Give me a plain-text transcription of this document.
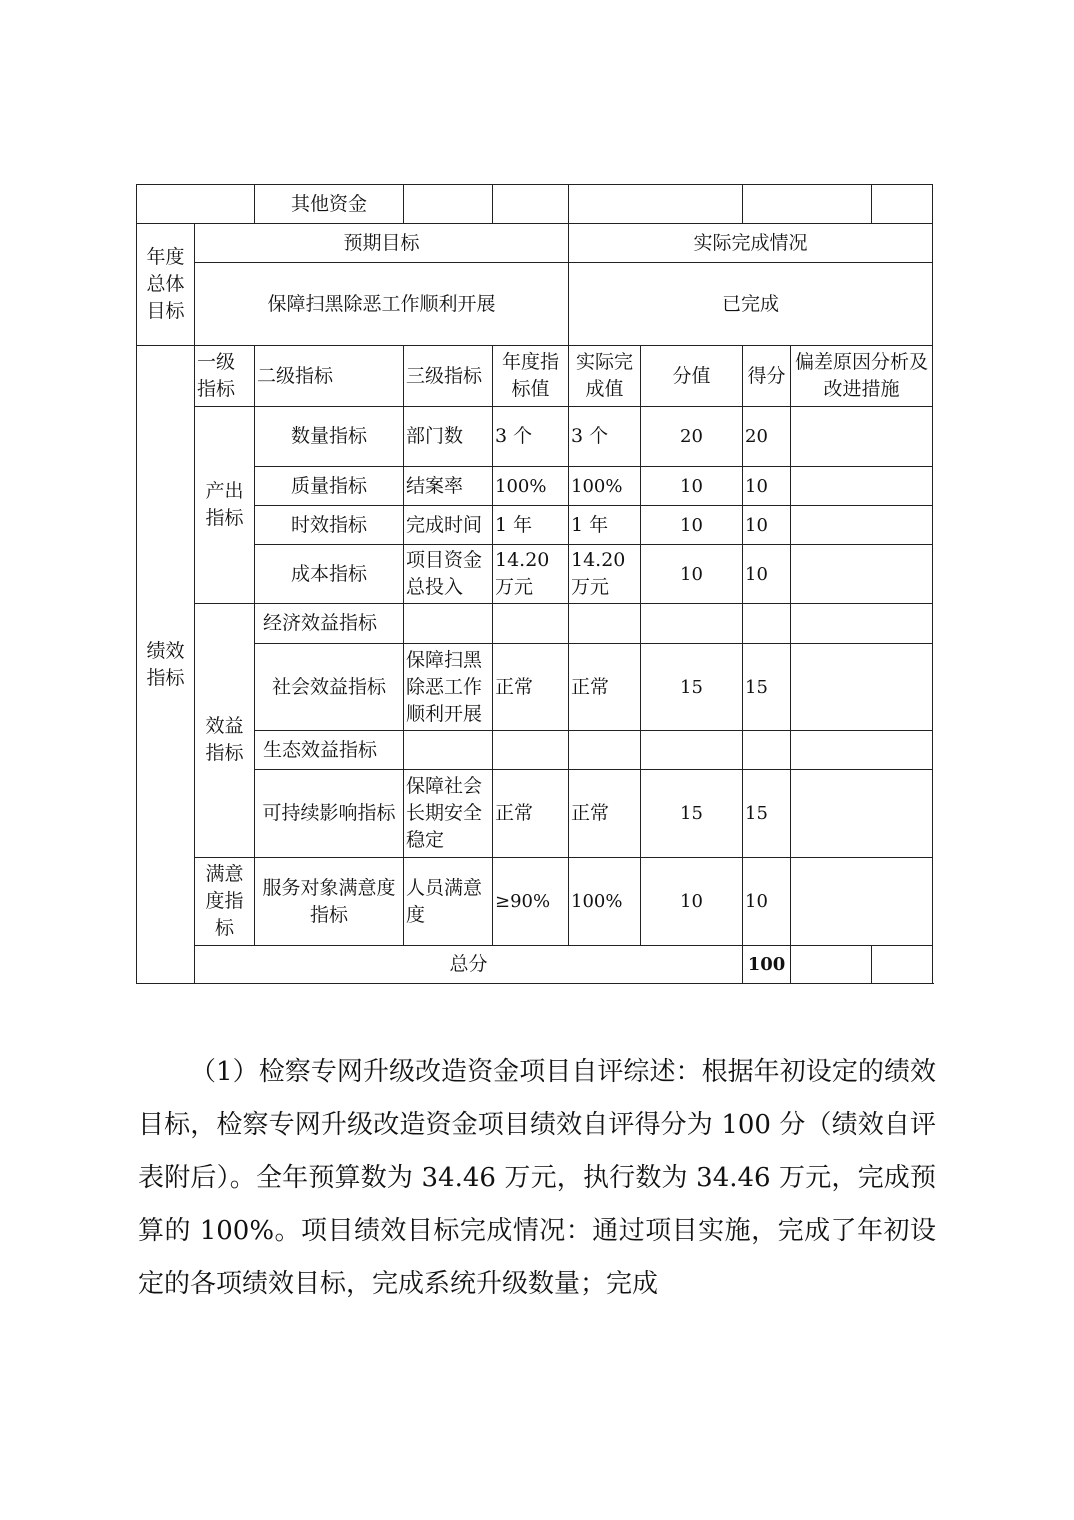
		其他资金							
年度总体目标	预期目标				实际完成情况				
	保障扫黑除恶工作顺利开展				已完成				
绩效指标	一级指标	二级指标	三级指标	年度指标值	实际完成值	分值	得分	偏差原因分析及改进措施	
	产出指标	数量指标	部门数	3 个	3 个	20	20		
		质量指标	结案率	100%	100%	10	10		
		时效指标	完成时间	1 年	1 年	10	10		
		成本指标	项目资金总投入	14.20万元	14.20万元	10	10		
	效益指标	经济效益指标							
		社会效益指标	保障扫黑除恶工作顺利开展	正常	正常	15	15		
		生态效益指标							
		可持续影响指标	保障社会长期安全稳定	正常	正常	15	15		
	满意度指标	服务对象满意度指标	人员满意度	≥90%	100%	10	10		
	总分						100		

（1）检察专网升级改造资金项目自评综述：根据年初设定的绩效目标，检察专网升级改造资金项目绩效自评得分为 100 分（绩效自评表附后）。全年预算数为 34.46 万元，执行数为 34.46 万元，完成预算的 100%。项目绩效目标完成情况：通过项目实施，完成了年初设定的各项绩效目标，完成系统升级数量；完成
